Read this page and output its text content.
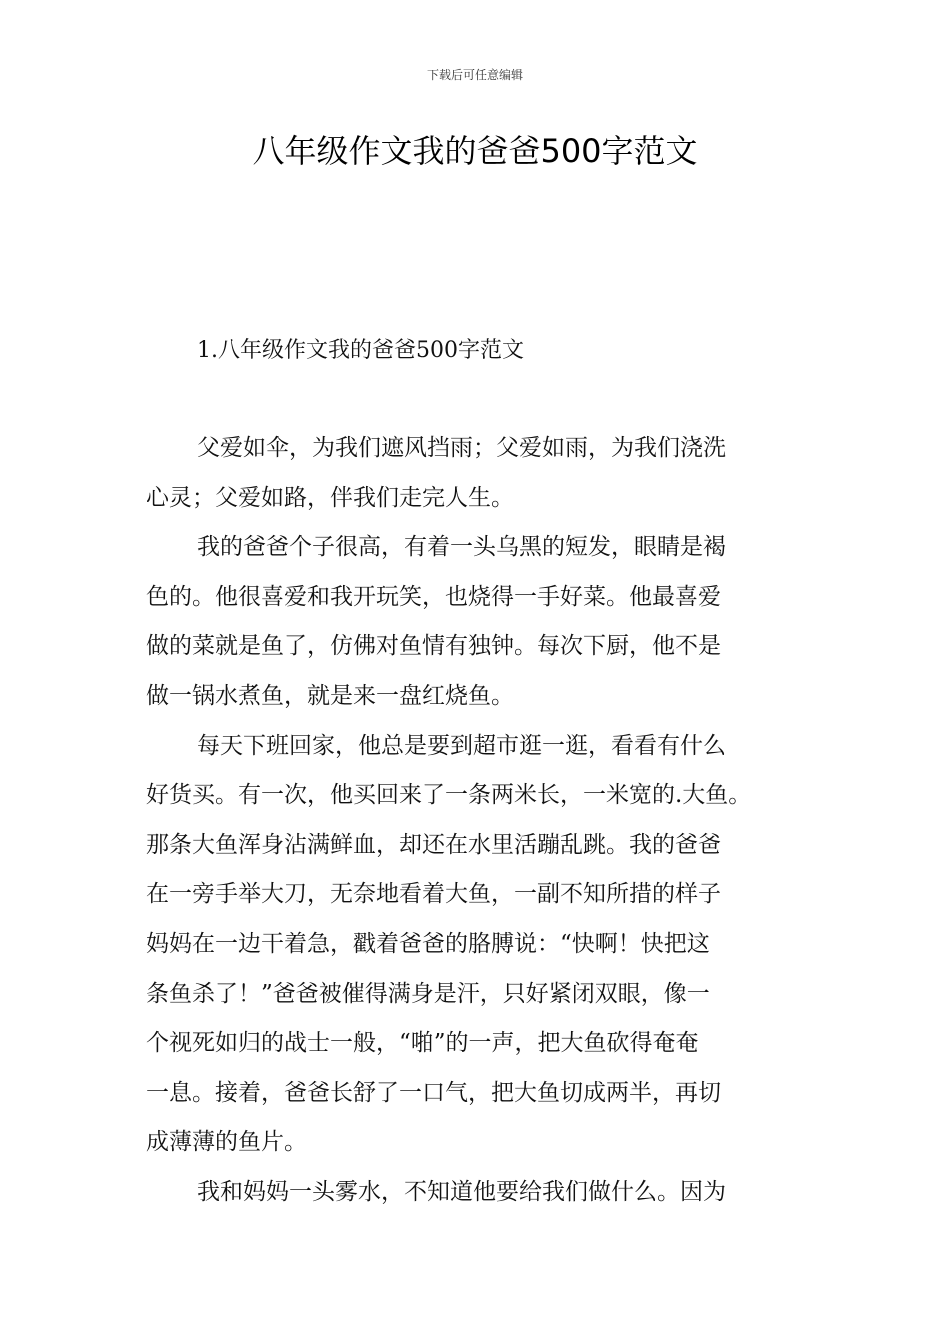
下载后可任意编辑
八年级作文我的爸爸500字范文
1.八年级作文我的爸爸500字范文

父爱如伞，为我们遮风挡雨；父爱如雨，为我们浇洗
心灵；父爱如路，伴我们走完人生。

我的爸爸个子很高，有着一头乌黑的短发，眼睛是褐
色的。他很喜爱和我开玩笑，也烧得一手好菜。他最喜爱
做的菜就是鱼了，仿佛对鱼情有独钟。每次下厨，他不是
做一锅水煮鱼，就是来一盘红烧鱼。

每天下班回家，他总是要到超市逛一逛，看看有什么
好货买。有一次，他买回来了一条两米长，一米宽的.大鱼。
那条大鱼浑身沾满鲜血，却还在水里活蹦乱跳。我的爸爸
在一旁手举大刀，无奈地看着大鱼，一副不知所措的样子
妈妈在一边干着急，戳着爸爸的胳膊说：“快啊！快把这
条鱼杀了！”爸爸被催得满身是汗，只好紧闭双眼，像一
个视死如归的战士一般，“啪”的一声，把大鱼砍得奄奄
一息。接着，爸爸长舒了一口气，把大鱼切成两半，再切
成薄薄的鱼片。

我和妈妈一头雾水，不知道他要给我们做什么。因为
